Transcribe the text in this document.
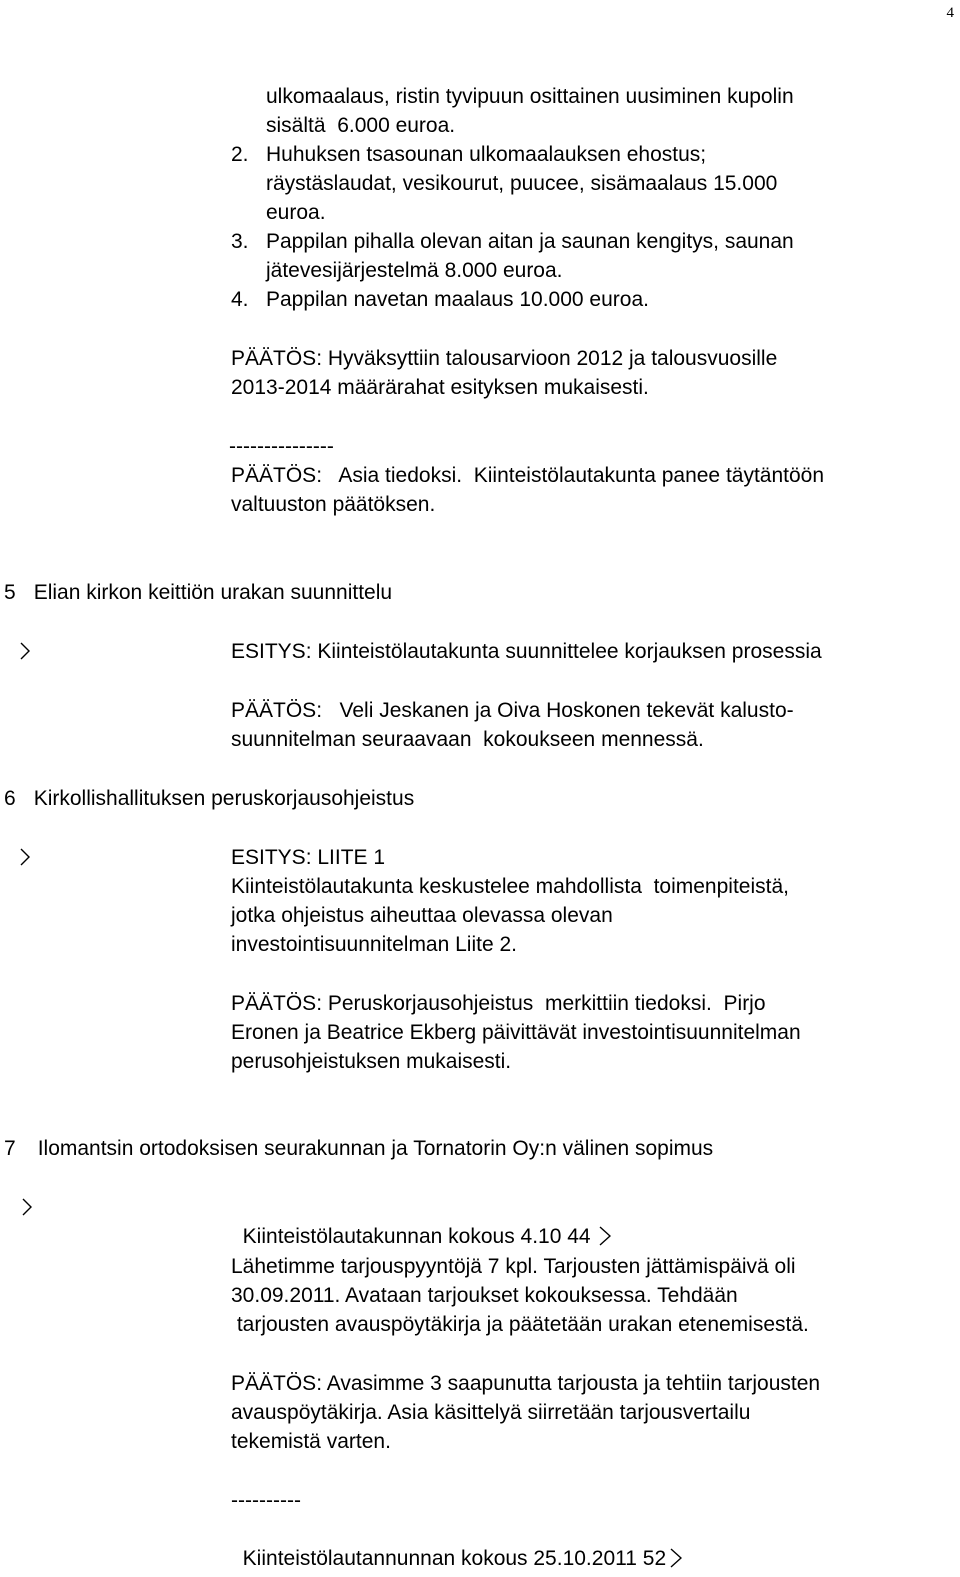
4
ulkomaalaus, ristin tyvipuun osittainen uusiminen kupolin
sisältä  6.000 euroa.
2. Huhuksen tsasounan ulkomaalauksen ehostus;
räystäslaudat, vesikourut, puucee, sisämaalaus 15.000
euroa.
3. Pappilan pihalla olevan aitan ja saunan kengitys, saunan
jätevesijärjestelmä 8.000 euroa.
4. Pappilan navetan maalaus 10.000 euroa.
PÄÄTÖS: Hyväksyttiin talousarvioon 2012 ja talousvuosille
2013-2014 määrärahat esityksen mukaisesti.
---------------
PÄÄTÖS:   Asia tiedoksi.  Kiinteistölautakunta panee täytäntöön
valtuuston päätöksen.
5

Elian kirkon keittiön urakan suunnittelu
ESITYS: Kiinteistölautakunta suunnittelee korjauksen prosessia
PÄÄTÖS:   Veli Jeskanen ja Oiva Hoskonen tekevät kalusto-
suunnitelman seuraavaan  kokoukseen mennessä.
6

Kirkollishallituksen peruskorjausohjeistus
ESITYS: LIITE 1
Kiinteistölautakunta keskustelee mahdollista  toimenpiteistä,
jotka ohjeistus aiheuttaa olevassa olevan
investointisuunnitelman Liite 2.
PÄÄTÖS: Peruskorjausohjeistus  merkittiin tiedoksi.  Pirjo
Eronen ja Beatrice Ekberg päivittävät investointisuunnitelman
perusohjeistuksen mukaisesti.
7

Ilomantsin ortodoksisen seurakunnan ja Tornatorin Oy:n välinen sopimus

Kiinteistölautakunnan kokous 4.10 44

Lähetimme tarjouspyyntöjä 7 kpl. Tarjousten jättämispäivä oli
30.09.2011. Avataan tarjoukset kokouksessa. Tehdään
tarjousten avauspöytäkirja ja päätetään urakan etenemisestä.
PÄÄTÖS: Avasimme 3 saapunutta tarjousta ja tehtiin tarjousten
avauspöytäkirja. Asia käsittelyä siirretään tarjousvertailu
tekemistä varten.
----------

Kiinteistölautannunnan kokous 25.10.2011 52
